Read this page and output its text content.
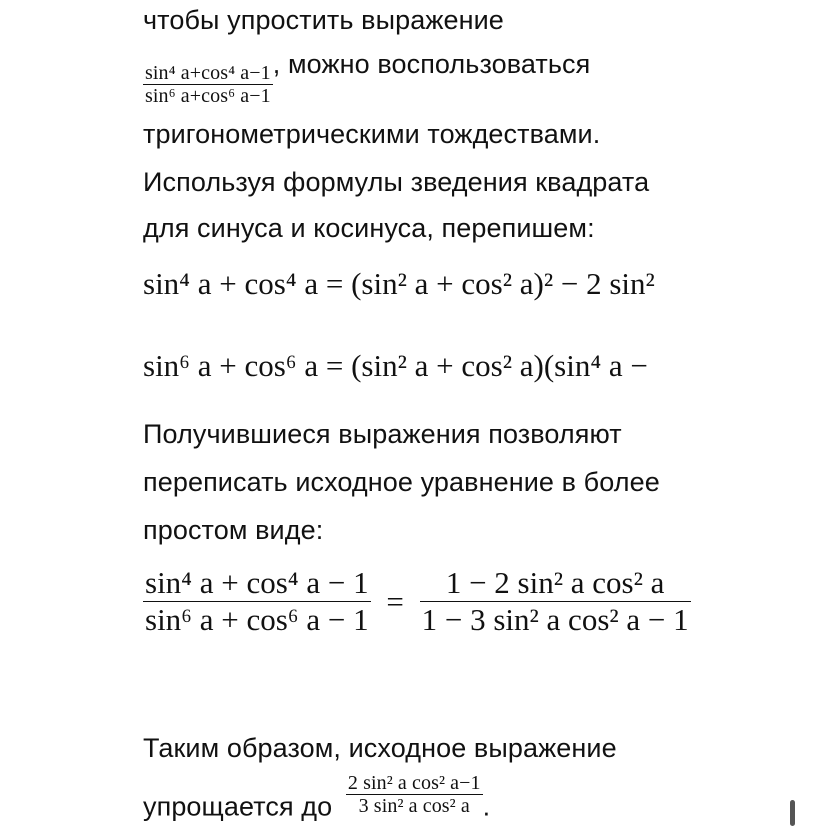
чтобы упростить выражение
$\frac{\text{sin⁴ a+cos⁴ a−1}}{\text{sin⁶ a+cos⁶ a−1}}$ , можно воспользоваться
тригонометрическими тождествами.
Используя формулы зведения квадрата
для синуса и косинуса, перепишем:
sin⁴ a + cos⁴ a = (sin² a + cos² a)² − 2 sin²
sin⁶ a + cos⁶ a = (sin² a + cos² a)(sin⁴ a −
Получившиеся выражения позволяют
переписать исходное уравнение в более
простом виде:
$\frac{\text{sin⁴ a + cos⁴ a − 1}}{\text{sin⁶ a + cos⁶ a − 1}} = \frac{\text{1 − 2 sin² a cos² a}}{\text{1 − 3 sin² a cos² a − 1}}$
Таким образом, исходное выражение
упрощается до $\frac{\text{2 sin² a cos² a−1}}{\text{3 sin² a cos² a}}$ .
